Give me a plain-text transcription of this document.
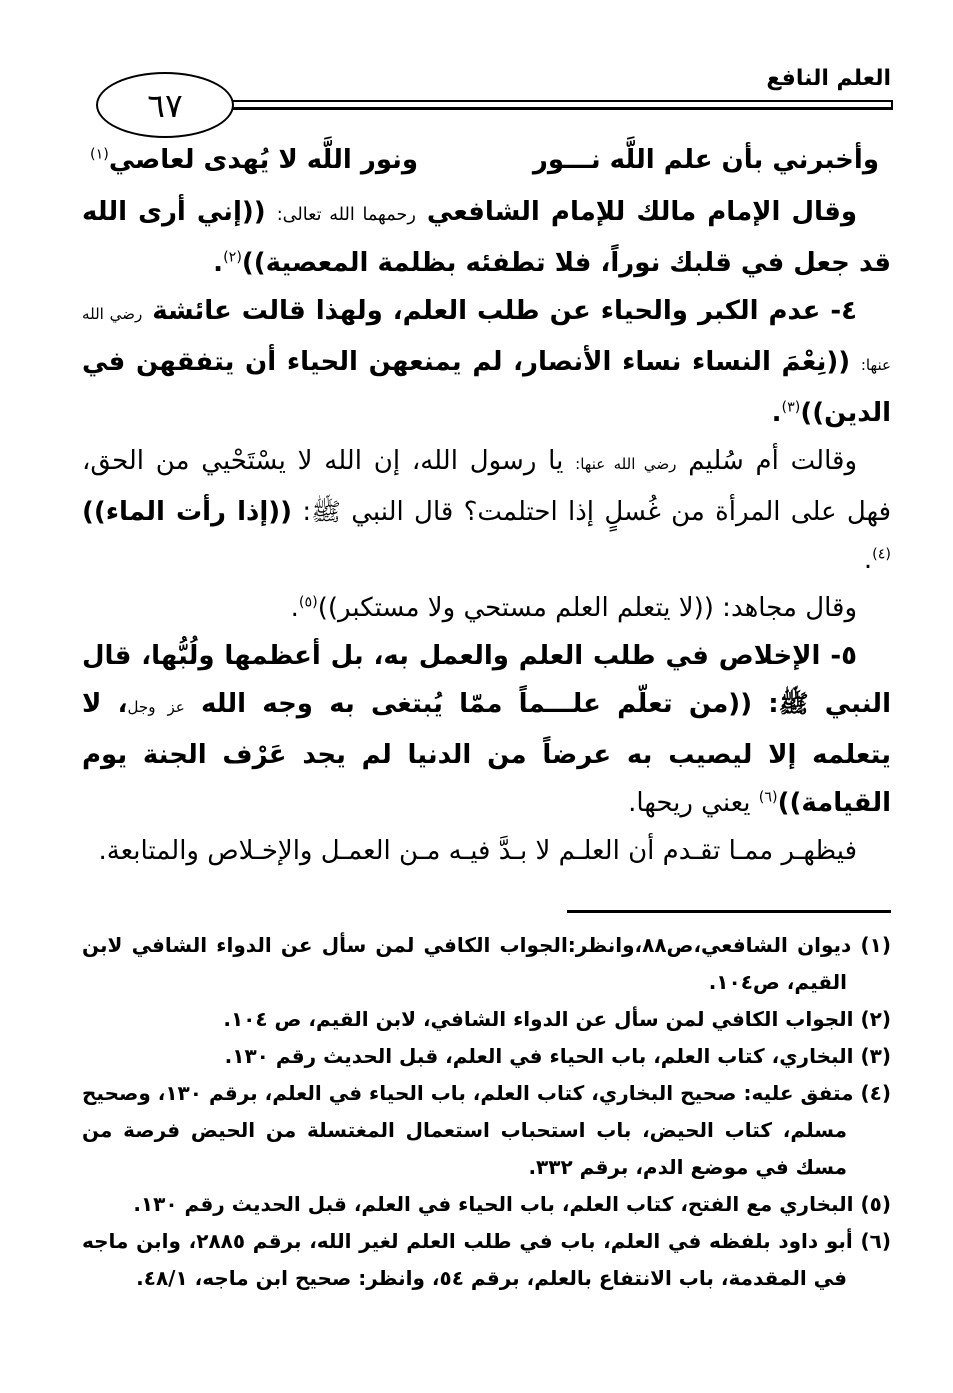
العلم النافع
٦٧
وأخبرني بأن علم اللَّه نـــور
ونور اللَّه لا يُهدى لعاصي$^{(١)}$

وقال الإمام مالك للإمام الشافعي رحمهما الله تعالى: ((إني أرى الله قد جعل في قلبك نوراً، فلا تطفئه بظلمة المعصية))$^{(٢)}$.

٤- عدم الكبر والحياء عن طلب العلم، ولهذا قالت عائشة رضي الله عنها: ((نِعْمَ النساء نساء الأنصار، لم يمنعهن الحياء أن يتفقهن في الدين))$^{(٣)}$.

وقالت أم سُليم رضي الله عنها: يا رسول الله، إن الله لا يسْتَحْيي من الحق، فهل على المرأة من غُسلٍ إذا احتلمت؟ قال النبي ﷺ: ((إذا رأت الماء))$^{(٤)}$.

وقال مجاهد: ((لا يتعلم العلم مستحي ولا مستكبر))$^{(٥)}$.

٥- الإخلاص في طلب العلم والعمل به، بل أعظمها ولُبُّها، قال النبي ﷺ: ((من تعلّم علـــماً ممّا يُبتغى به وجه الله عز وجل، لا يتعلمه إلا ليصيب به عرضاً من الدنيا لم يجد عَرْف الجنة يوم القيامة))$^{(٦)}$ يعني ريحها.

فيظهـر ممـا تقـدم أن العلـم لا بـدَّ فيـه مـن العمـل والإخـلاص والمتابعة.

(١) ديوان الشافعي،ص٨٨،وانظر:الجواب الكافي لمن سأل عن الدواء الشافي لابن القيم، ص١٠٤.
(٢) الجواب الكافي لمن سأل عن الدواء الشافي، لابن القيم، ص ١٠٤.
(٣) البخاري، كتاب العلم، باب الحياء في العلم، قبل الحديث رقم ١٣٠.
(٤) متفق عليه: صحيح البخاري، كتاب العلم، باب الحياء في العلم، برقم ١٣٠، وصحيح مسلم، كتاب الحيض، باب استحباب استعمال المغتسلة من الحيض فرصة من مسك في موضع الدم، برقم ٣٣٢.
(٥) البخاري مع الفتح، كتاب العلم، باب الحياء في العلم، قبل الحديث رقم ١٣٠.
(٦) أبو داود بلفظه في العلم، باب في طلب العلم لغير الله، برقم ٢٨٨٥، وابن ماجه في المقدمة، باب الانتفاع بالعلم، برقم ٥٤، وانظر: صحيح ابن ماجه، ٤٨/١.
